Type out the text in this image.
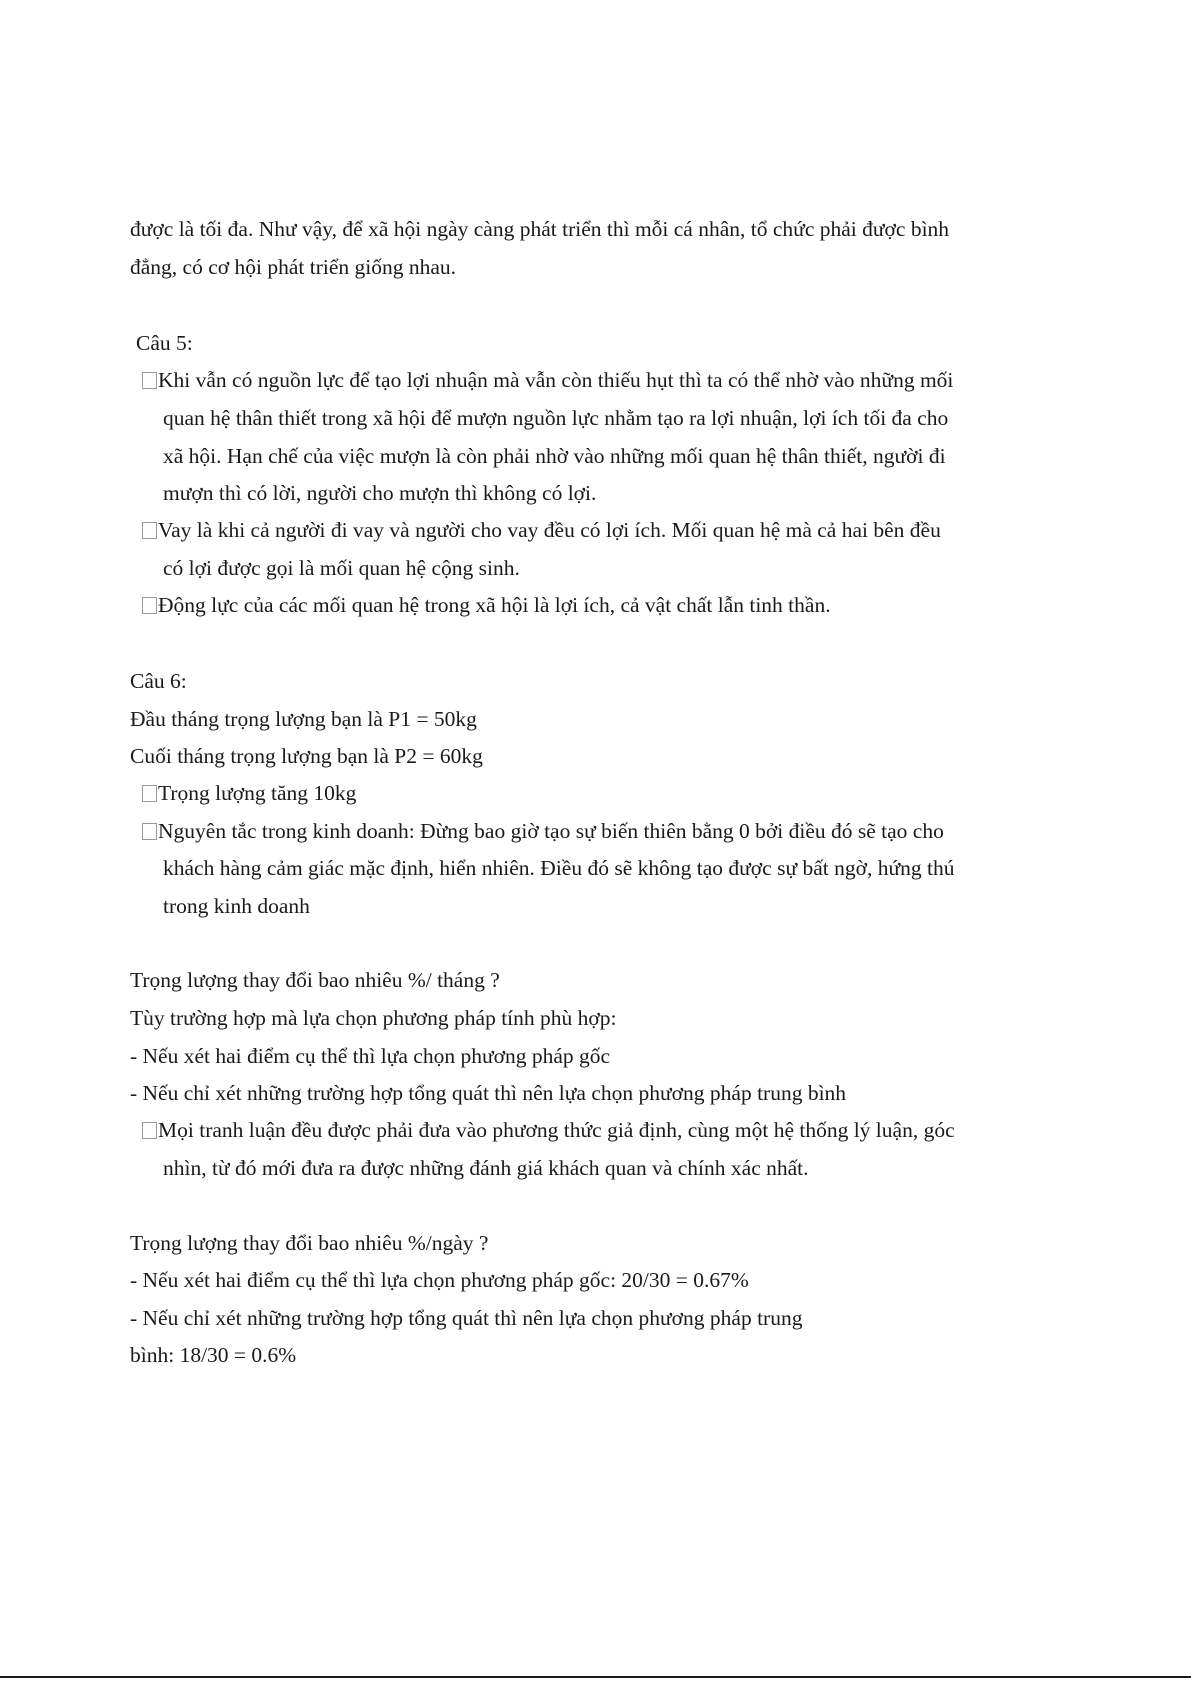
được là tối đa. Như vậy, để xã hội ngày càng phát triển thì mỗi cá nhân, tổ chức phải được bình
đẳng, có cơ hội phát triển giống nhau.
Câu 5:
Khi vẫn có nguồn lực để tạo lợi nhuận mà vẫn còn thiếu hụt thì ta có thể nhờ vào những mối
quan hệ thân thiết trong xã hội để mượn nguồn lực nhằm tạo ra lợi nhuận, lợi ích tối đa cho
xã hội. Hạn chế của việc mượn là còn phải nhờ vào những mối quan hệ thân thiết, người đi
mượn thì có lời, người cho mượn thì không có lợi.
Vay là khi cả người đi vay và người cho vay đều có lợi ích. Mối quan hệ mà cả hai bên đều
có lợi được gọi là mối quan hệ cộng sinh.
Động lực của các mối quan hệ trong xã hội là lợi ích, cả vật chất lẫn tinh thần.
Câu 6:
Đầu tháng trọng lượng bạn là P1 = 50kg
Cuối tháng trọng lượng bạn là P2 = 60kg
Trọng lượng tăng 10kg
Nguyên tắc trong kinh doanh: Đừng bao giờ tạo sự biến thiên bằng 0 bởi điều đó sẽ tạo cho
khách hàng cảm giác mặc định, hiển nhiên. Điều đó sẽ không tạo được sự bất ngờ, hứng thú
trong kinh doanh
Trọng lượng thay đổi bao nhiêu %/ tháng ?
Tùy trường hợp mà lựa chọn phương pháp tính phù hợp:
- Nếu xét hai điểm cụ thể thì lựa chọn phương pháp gốc
- Nếu chỉ xét những trường hợp tổng quát thì nên lựa chọn phương pháp trung bình
Mọi tranh luận đều được phải đưa vào phương thức giả định, cùng một hệ thống lý luận, góc
nhìn, từ đó mới đưa ra được những đánh giá khách quan và chính xác nhất.
Trọng lượng thay đổi bao nhiêu %/ngày ?
- Nếu xét hai điểm cụ thể thì lựa chọn phương pháp gốc: 20/30 = 0.67%
- Nếu chỉ xét những trường hợp tổng quát thì nên lựa chọn phương pháp trung
bình: 18/30 = 0.6%
